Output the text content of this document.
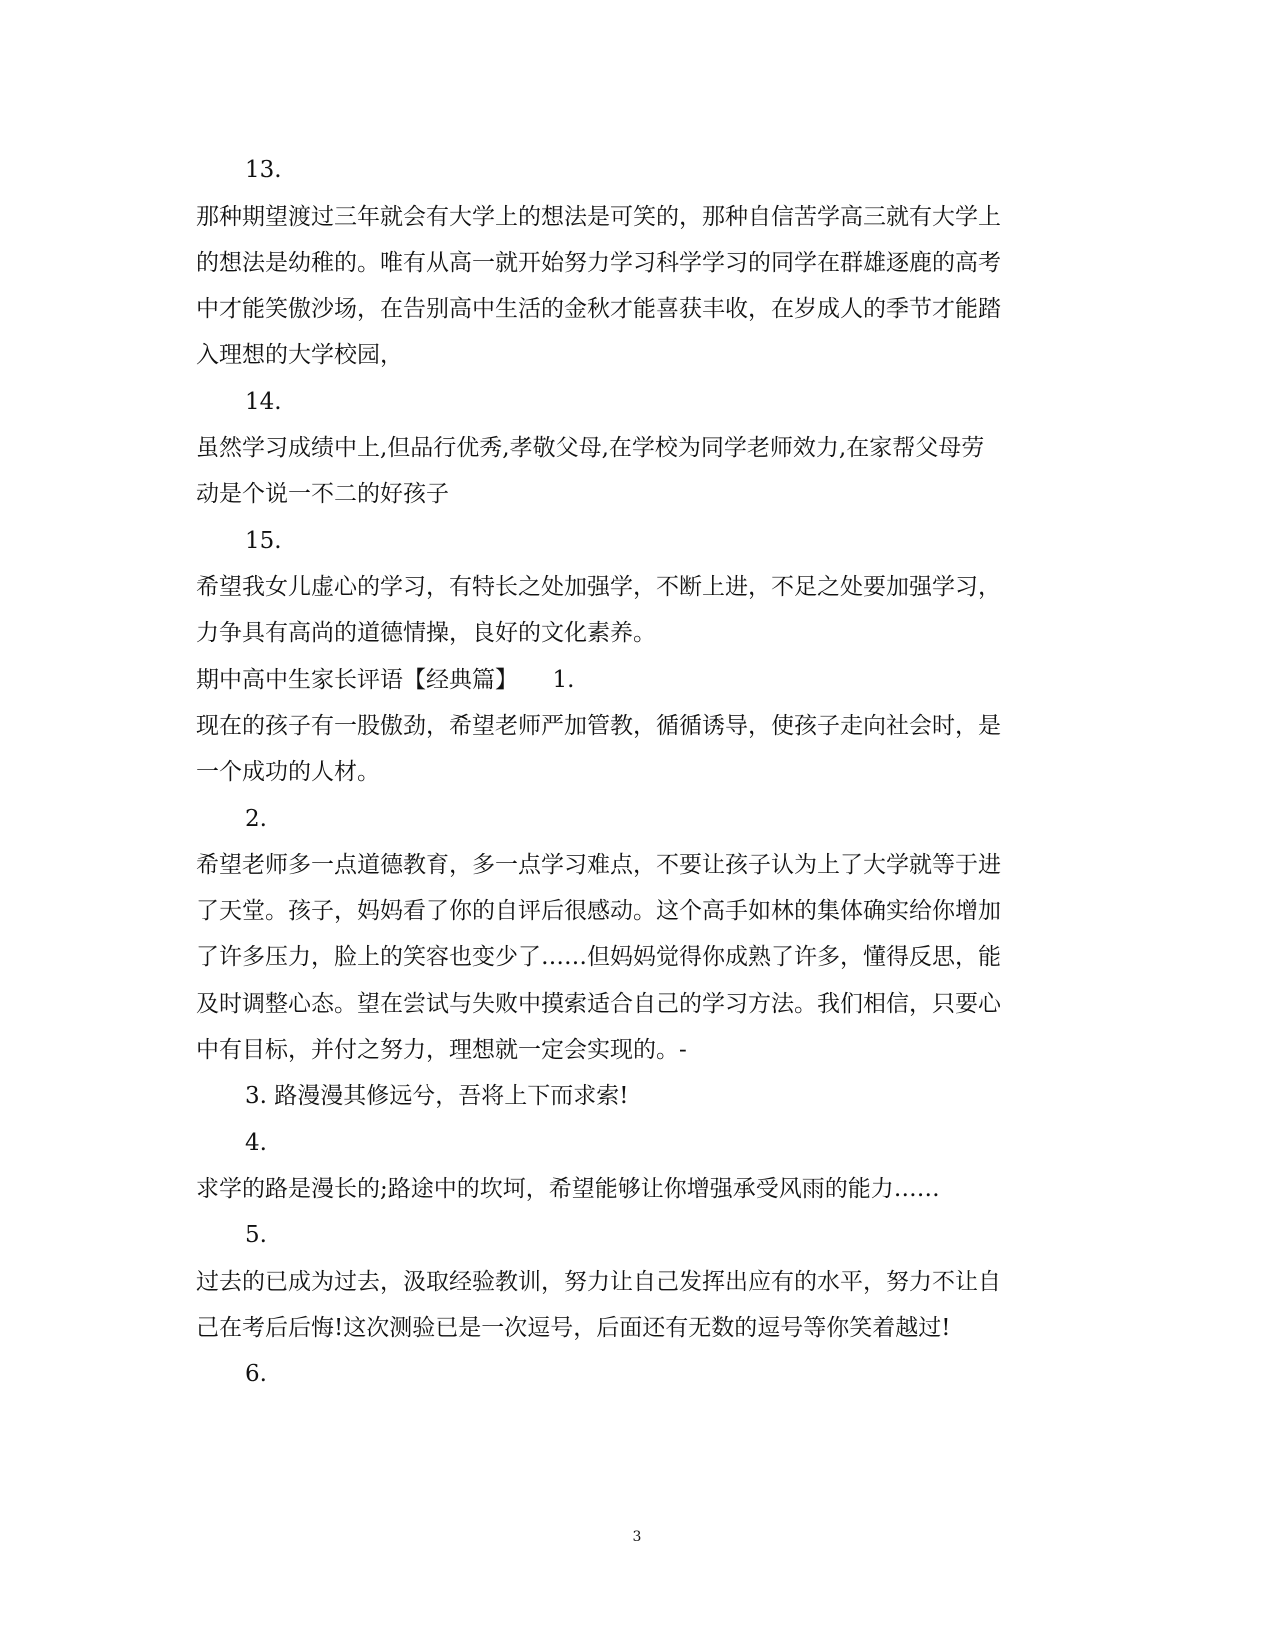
13.
那种期望渡过三年就会有大学上的想法是可笑的，那种自信苦学高三就有大学上
的想法是幼稚的。唯有从高一就开始努力学习科学学习的同学在群雄逐鹿的高考
中才能笑傲沙场，在告别高中生活的金秋才能喜获丰收，在岁成人的季节才能踏
入理想的大学校园，
14.
虽然学习成绩中上,但品行优秀,孝敬父母,在学校为同学老师效力,在家帮父母劳
动是个说一不二的好孩子
15.
希望我女儿虚心的学习，有特长之处加强学，不断上进，不足之处要加强学习，
力争具有高尚的道德情操，良好的文化素养。
期中高中生家长评语【经典篇】　　1.
现在的孩子有一股傲劲，希望老师严加管教，循循诱导，使孩子走向社会时，是
一个成功的人材。
2.
希望老师多一点道德教育，多一点学习难点，不要让孩子认为上了大学就等于进
了天堂。孩子，妈妈看了你的自评后很感动。这个高手如林的集体确实给你增加
了许多压力，脸上的笑容也变少了……但妈妈觉得你成熟了许多，懂得反思，能
及时调整心态。望在尝试与失败中摸索适合自己的学习方法。我们相信，只要心
中有目标，并付之努力，理想就一定会实现的。-
3. 路漫漫其修远兮，吾将上下而求索!
4.
求学的路是漫长的;路途中的坎坷，希望能够让你增强承受风雨的能力……
5.
过去的已成为过去，汲取经验教训，努力让自己发挥出应有的水平，努力不让自
己在考后后悔!这次测验已是一次逗号，后面还有无数的逗号等你笑着越过!
6.
3
